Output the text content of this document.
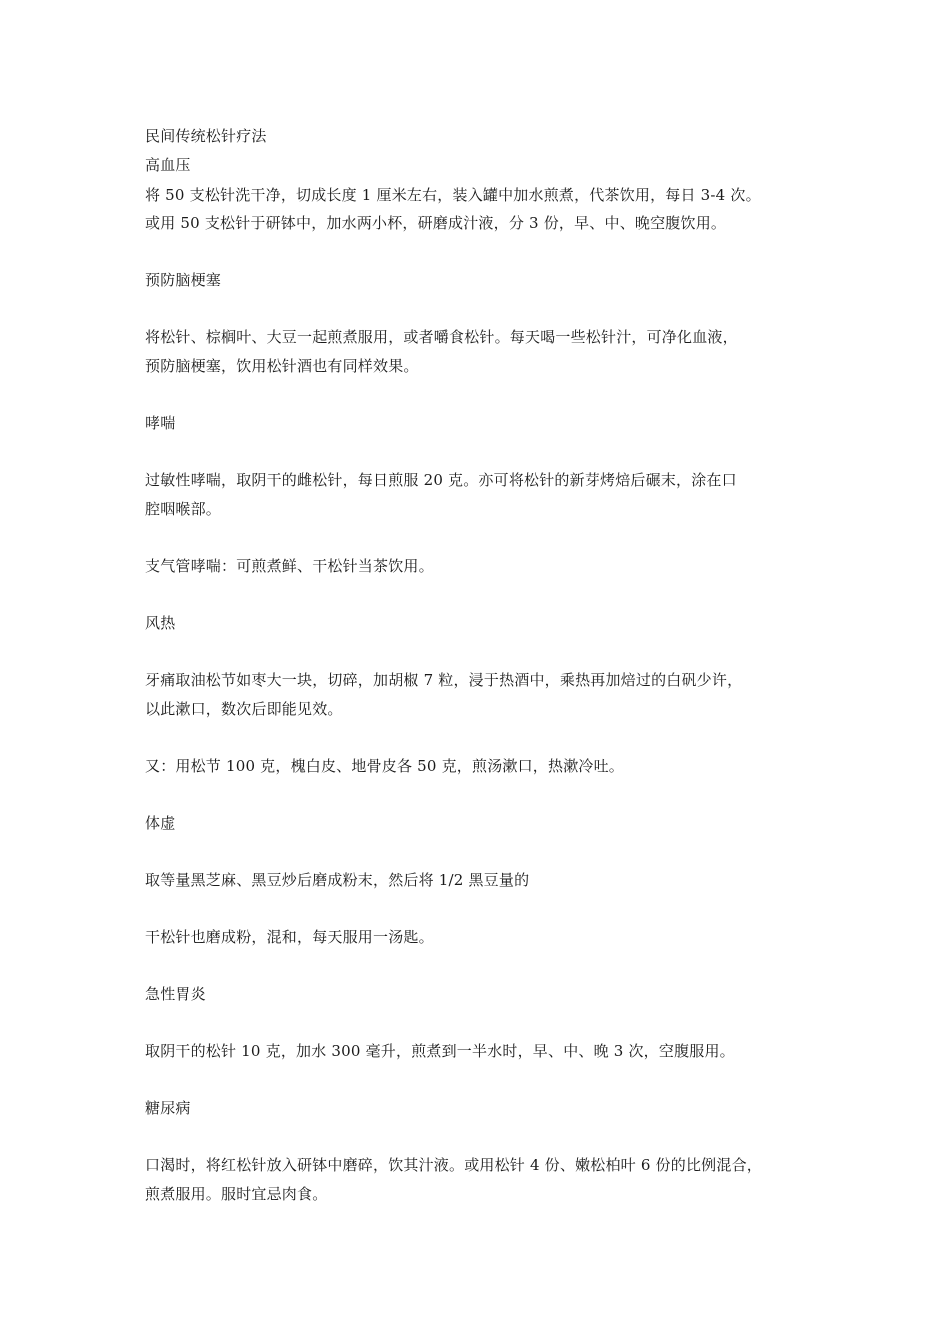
民间传统松针疗法
高血压
将 50 支松针洗干净，切成长度 1 厘米左右，装入罐中加水煎煮，代茶饮用，每日 3-4 次。
或用 50 支松针于研钵中，加水两小杯，研磨成汁液，分 3 份，早、中、晚空腹饮用。
预防脑梗塞
将松针、棕榈叶、大豆一起煎煮服用，或者嚼食松针。每天喝一些松针汁，可净化血液，
预防脑梗塞，饮用松针酒也有同样效果。
哮喘
过敏性哮喘，取阴干的雌松针，每日煎服 20 克。亦可将松针的新芽烤焙后碾末，涂在口
腔咽喉部。
支气管哮喘：可煎煮鲜、干松针当茶饮用。
风热
牙痛取油松节如枣大一块，切碎，加胡椒 7 粒，浸于热酒中，乘热再加焙过的白矾少许，
以此漱口，数次后即能见效。
又：用松节 100 克，槐白皮、地骨皮各 50 克，煎汤漱口，热漱冷吐。
体虚
取等量黑芝麻、黑豆炒后磨成粉末，然后将 1/2 黑豆量的
干松针也磨成粉，混和，每天服用一汤匙。
急性胃炎
取阴干的松针 10 克，加水 300 毫升，煎煮到一半水时，早、中、晚 3 次，空腹服用。
糖尿病
口渴时，将红松针放入研钵中磨碎，饮其汁液。或用松针 4 份、嫩松柏叶 6 份的比例混合，
煎煮服用。服时宜忌肉食。
